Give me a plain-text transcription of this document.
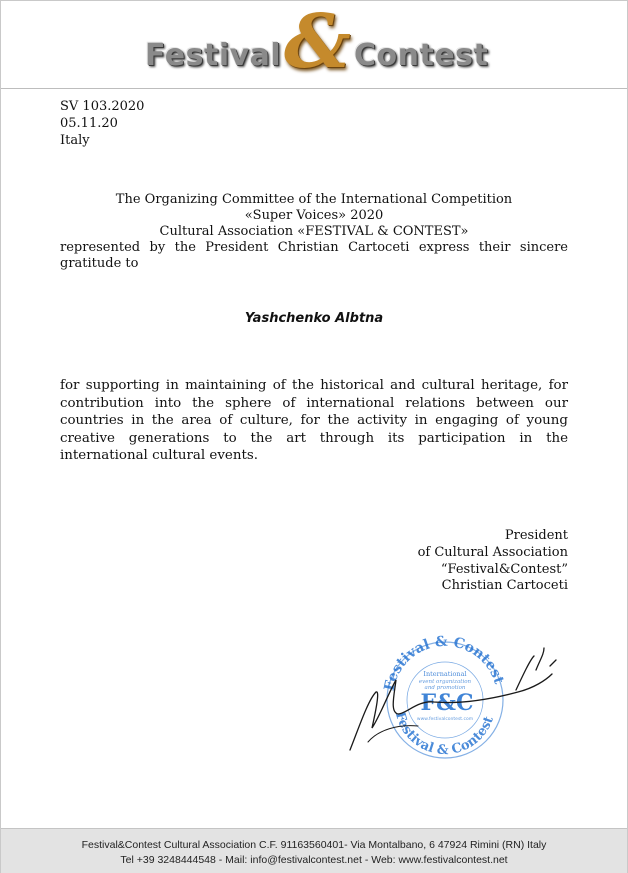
Festival & Contest
SV 103.2020
05.11.20
Italy
The Organizing Committee of the International Competition
«Super Voices» 2020
Cultural Association «FESTIVAL & CONTEST»
represented by the President Christian Cartoceti express their sincere gratitude to
Yashchenko Albtna
for supporting in maintaining of the historical and cultural heritage, for contribution into the sphere of international relations between our countries in the area of culture, for the activity in engaging of young creative generations to the art through its participation in the international cultural events.
President
of Cultural Association
“Festival&Contest”
Christian Cartoceti
Festival & Contest
Festival & Contest
International
event organization
and promotion
F&C
www.festivalcontest.com
Festival&Contest Cultural Association C.F. 91163560401- Via Montalbano, 6 47924 Rimini (RN) Italy
Tel +39 3248444548 - Mail: info@festivalcontest.net - Web: www.festivalcontest.net
